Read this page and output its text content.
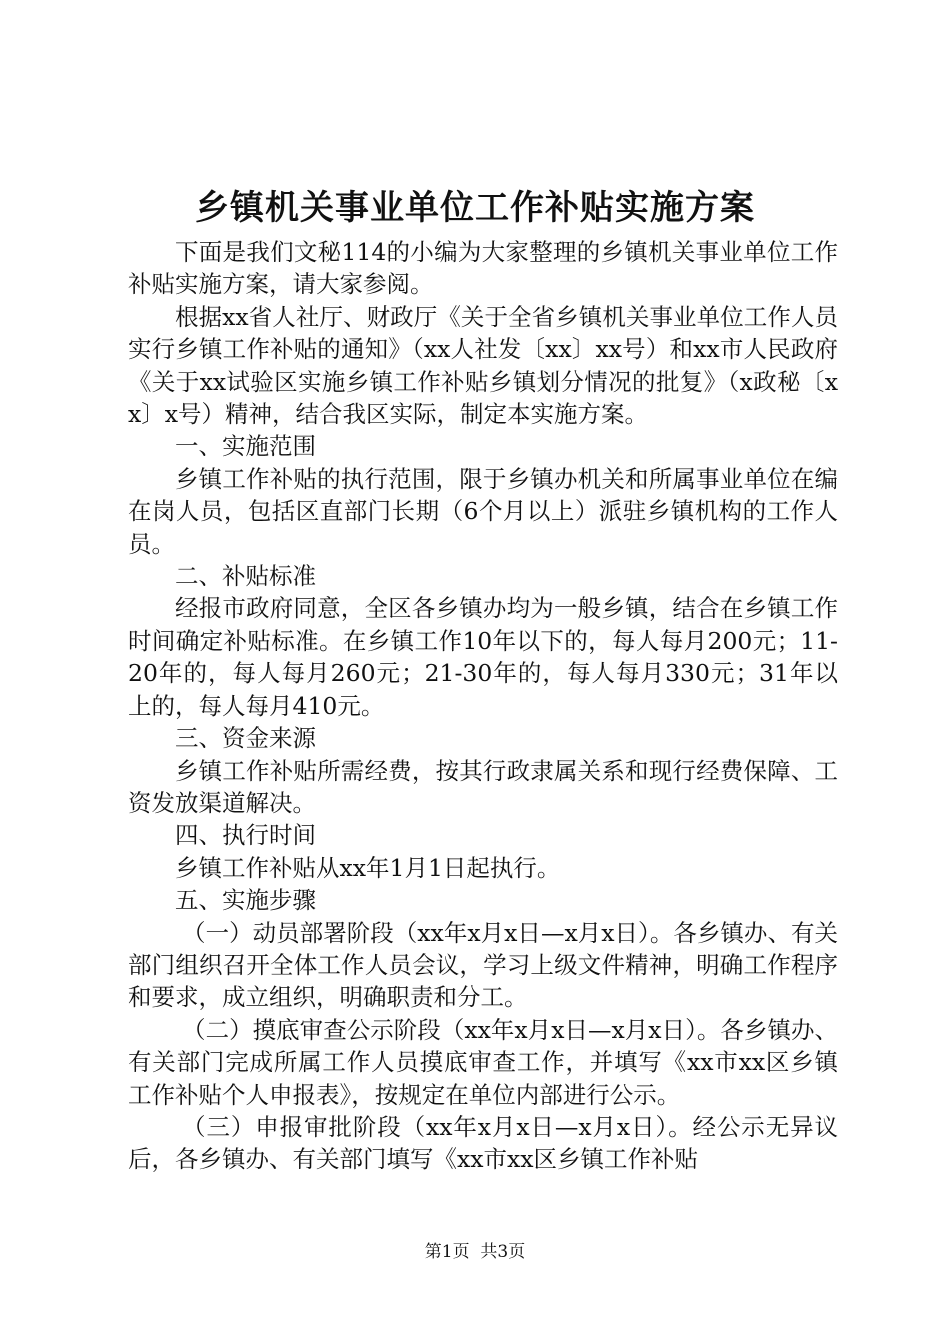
乡镇机关事业单位工作补贴实施方案

下面是我们文秘114的小编为大家整理的乡镇机关事业单位工作补贴实施方案，请大家参阅。

根据xx省人社厅、财政厅《关于全省乡镇机关事业单位工作人员实行乡镇工作补贴的通知》（xx人社发〔xx〕xx号）和xx市人民政府《关于xx试验区实施乡镇工作补贴乡镇划分情况的批复》（x政秘〔xx〕x号）精神，结合我区实际，制定本实施方案。

一、实施范围

乡镇工作补贴的执行范围，限于乡镇办机关和所属事业单位在编在岗人员，包括区直部门长期（6个月以上）派驻乡镇机构的工作人员。

二、补贴标准

经报市政府同意，全区各乡镇办均为一般乡镇，结合在乡镇工作时间确定补贴标准。在乡镇工作10年以下的，每人每月200元；11-20年的，每人每月260元；21-30年的，每人每月330元；31年以上的，每人每月410元。

三、资金来源

乡镇工作补贴所需经费，按其行政隶属关系和现行经费保障、工资发放渠道解决。

四、执行时间

乡镇工作补贴从xx年1月1日起执行。

五、实施步骤

（一）动员部署阶段（xx年x月x日—x月x日）。各乡镇办、有关部门组织召开全体工作人员会议，学习上级文件精神，明确工作程序和要求，成立组织，明确职责和分工。

（二）摸底审查公示阶段（xx年x月x日—x月x日）。各乡镇办、有关部门完成所属工作人员摸底审查工作，并填写《xx市xx区乡镇工作补贴个人申报表》，按规定在单位内部进行公示。

（三）申报审批阶段（xx年x月x日—x月x日）。经公示无异议后，各乡镇办、有关部门填写《xx市xx区乡镇工作补贴

第1页 共3页
